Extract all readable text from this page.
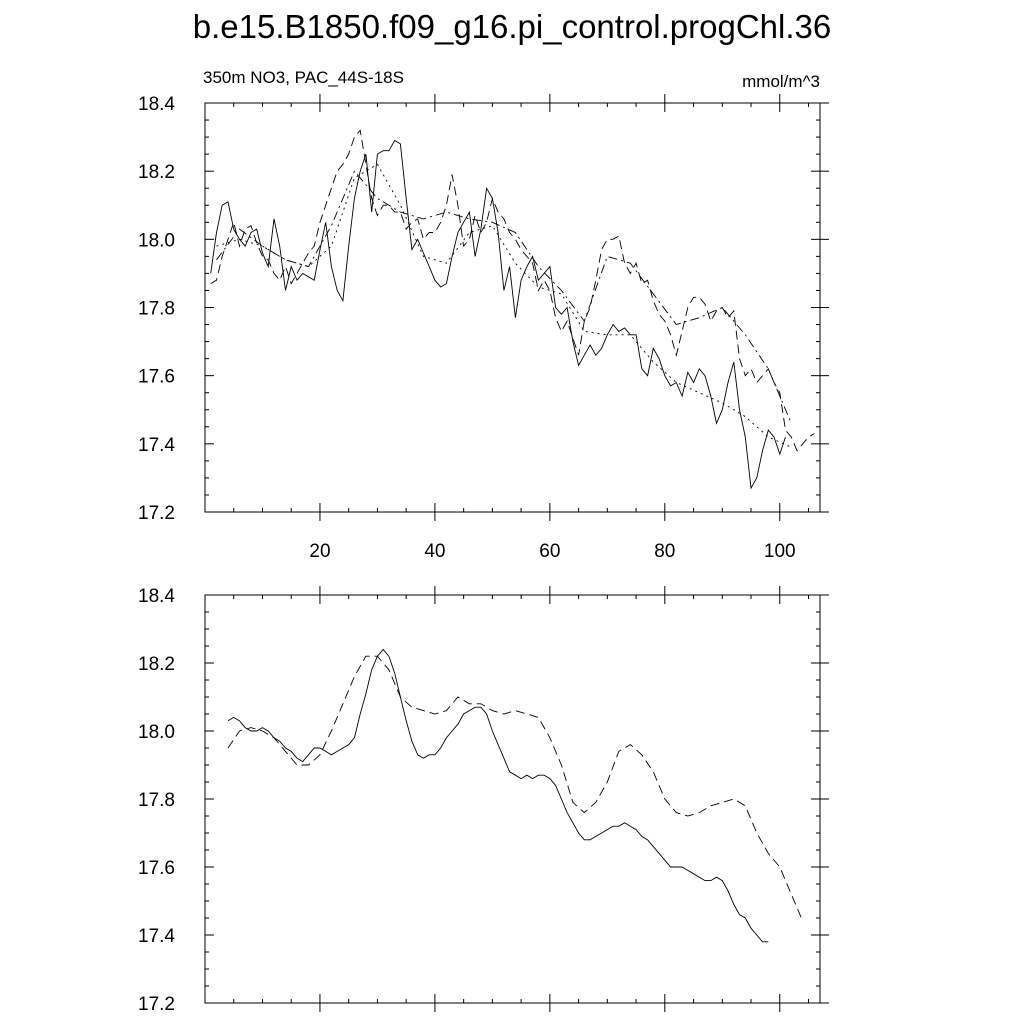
b.e15.B1850.f09_g16.pi_control.progChl.36
20	40	60	80	100
17.2
17.4
17.6
17.8
18.0
18.2
18.4
350m NO3, PAC_44S-18S	mmol/m^3
17.2
17.4
17.6
17.8
18.0
18.2
18.4
